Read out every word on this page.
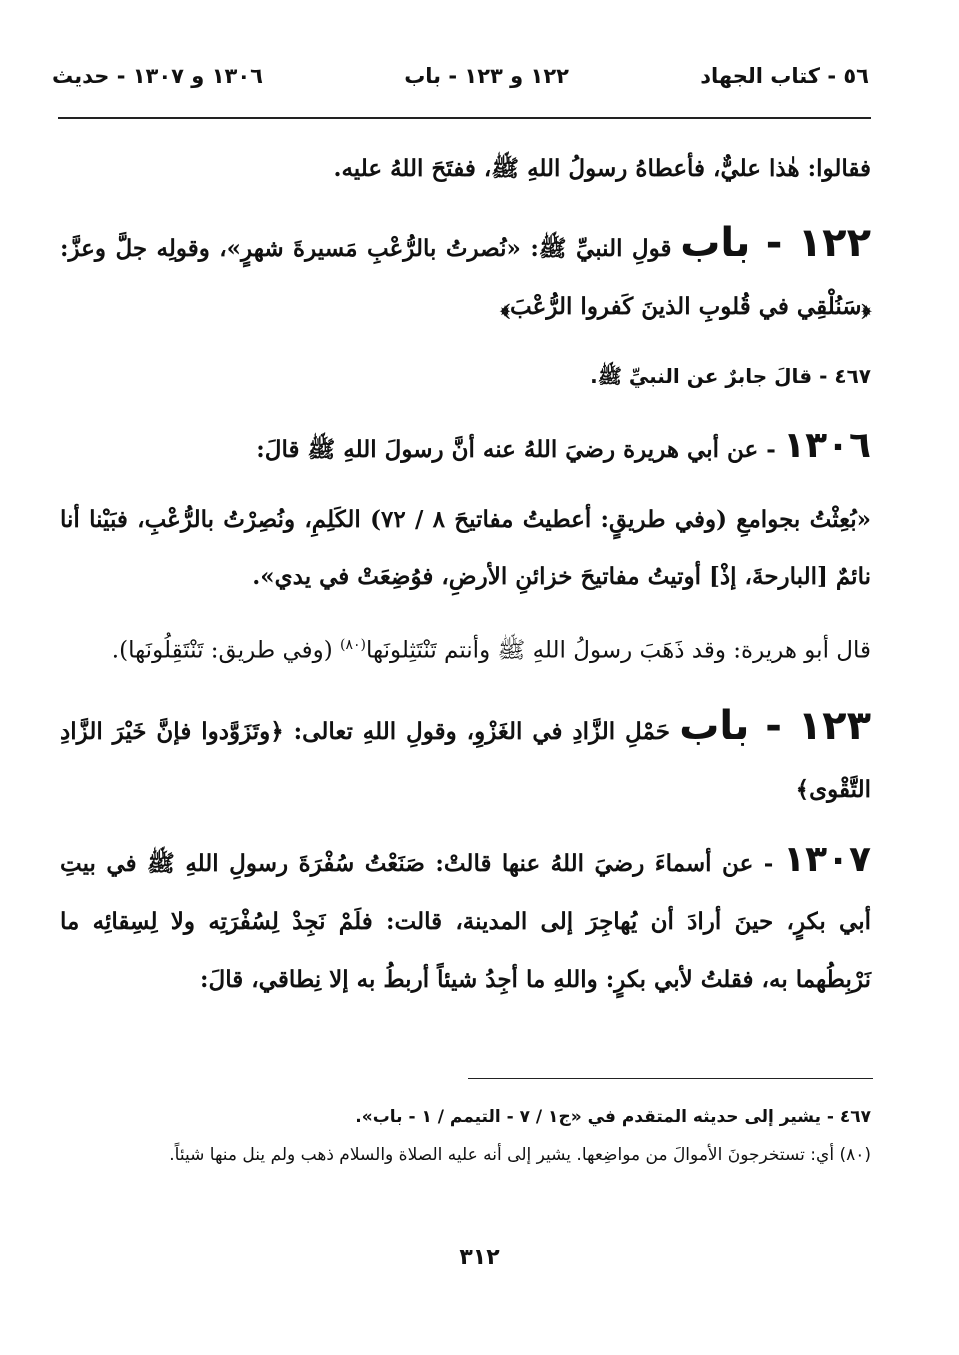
٥٦ - كتاب الجهاد
١٢٢ و ١٢٣ - باب
١٣٠٦ و ١٣٠٧ - حديث

فقالوا: هٰذا عليٌّ، فأعطاهُ رسولُ اللهِ ﷺ، ففتَحَ اللهُ عليه.

١٢٢ - باب قولِ النبيِّ ﷺ: «نُصرتُ بالرُّعْبِ مَسيرةَ شهرٍ»، وقولِه جلَّ وعزَّ: ﴿سَنُلْقِي في قُلوبِ الذينَ كَفروا الرُّعْبَ﴾

٤٦٧ - قالَ جابرٌ عن النبيِّ ﷺ.

١٣٠٦ - عن أبي هريرة رضيَ اللهُ عنه أنَّ رسولَ اللهِ ﷺ قالَ:

«بُعِثْتُ بجوامعِ (وفي طريقٍ: أعطيتُ مفاتيحَ ٨ / ٧٢) الكَلِمِ، ونُصِرْتُ بالرُّعْبِ، فبَيْنا أنا نائمٌ [البارحةَ، إذْ] أوتيتُ مفاتيحَ خزائنِ الأرضِ، فوُضِعَتْ في يدي».

قال أبو هريرة: وقد ذَهَبَ رسولُ اللهِ ﷺ وأنتم تَنْتَثِلونَها$^{(٨٠)}$ (وفي طريق: تَنْتَقِلُونَها).

١٢٣ - باب حَمْلِ الزَّادِ في الغَزْوِ، وقولِ اللهِ تعالى: ﴿وتَزَوَّدوا فإنَّ خَيْرَ الزَّادِ التَّقْوى﴾

١٣٠٧ - عن أسماءَ رضيَ اللهُ عنها قالتْ: صَنَعْتُ سُفْرَةَ رسولِ اللهِ ﷺ في بيتِ أبي بكرٍ، حينَ أرادَ أن يُهاجِرَ إلى المدينة، قالت: فلَمْ نَجِدْ لِسُفْرَتِه ولا لِسِقائِه ما نَرْبِطُهما به، فقلتُ لأبي بكرٍ: واللهِ ما أجِدُ شيئاً أربطُ به إلا نِطاقي، قالَ:

٤٦٧ - يشير إلى حديثه المتقدم في «ج١ / ٧ - التيمم / ١ - باب».

(٨٠) أي: تستخرجونَ الأموالَ من مواضِعها. يشير إلى أنه عليه الصلاة والسلام ذهب ولم ينل منها شيئاً.

٣١٢
